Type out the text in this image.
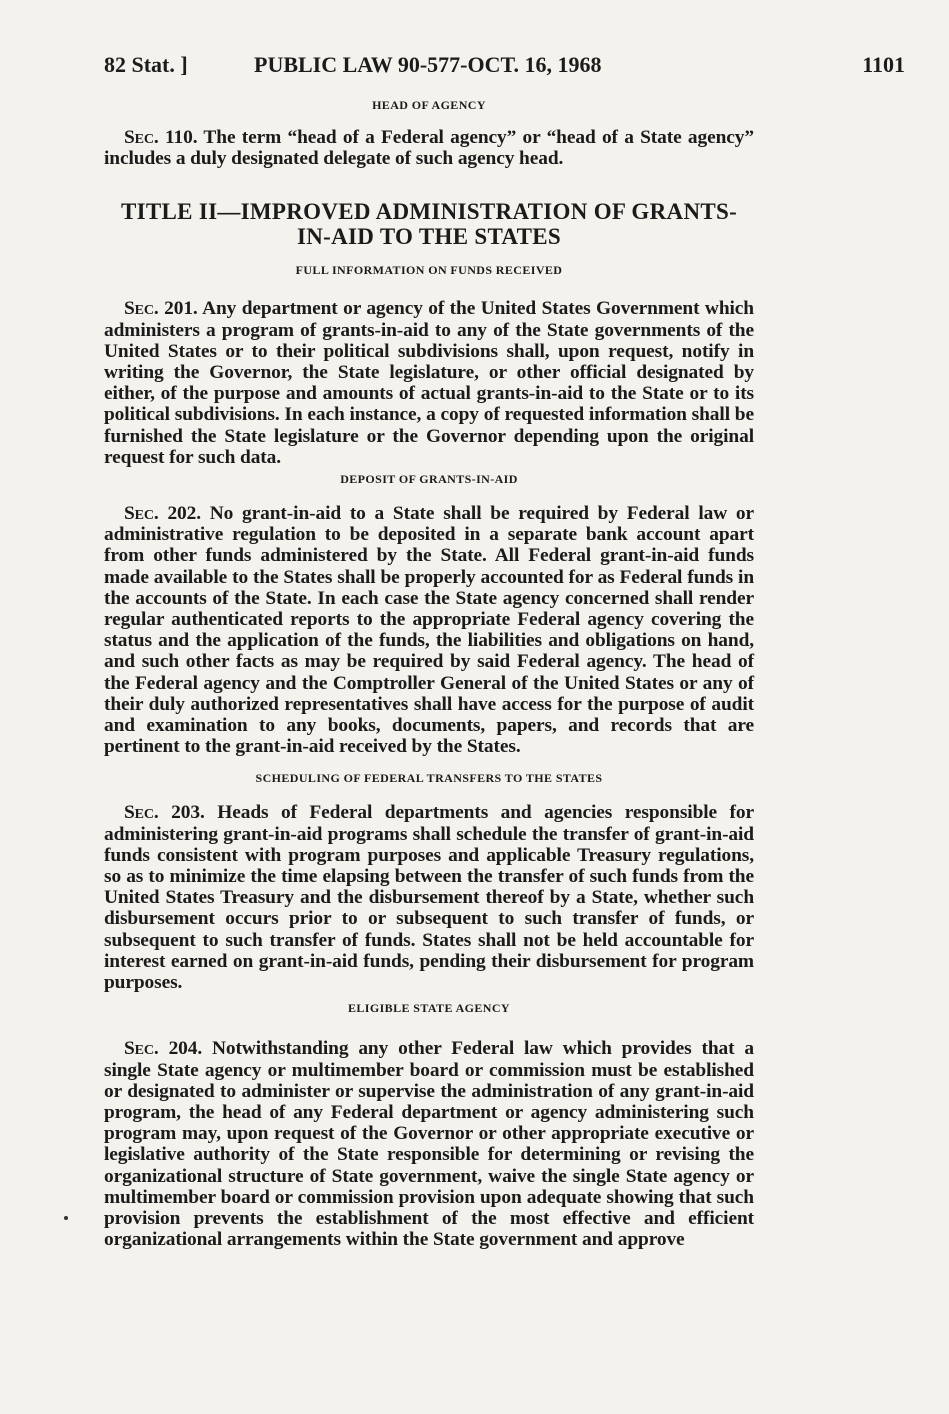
82 Stat. ]	PUBLIC LAW 90-577-OCT. 16, 1968	1101

HEAD OF AGENCY

Sec. 110. The term “head of a Federal agency” or “head of a State agency” includes a duly designated delegate of such agency head.

TITLE II—IMPROVED ADMINISTRATION OF GRANTS-

IN-AID TO THE STATES

FULL INFORMATION ON FUNDS RECEIVED

Sec. 201. Any department or agency of the United States Government which administers a program of grants-in-aid to any of the State governments of the United States or to their political subdivisions shall, upon request, notify in writing the Governor, the State legislature, or other official designated by either, of the purpose and amounts of actual grants-in-aid to the State or to its political subdivisions. In each instance, a copy of requested information shall be furnished the State legislature or the Governor depending upon the original request for such data.

DEPOSIT OF GRANTS-IN-AID

Sec. 202. No grant-in-aid to a State shall be required by Federal law or administrative regulation to be deposited in a separate bank account apart from other funds administered by the State. All Federal grant-in-aid funds made available to the States shall be properly accounted for as Federal funds in the accounts of the State. In each case the State agency concerned shall render regular authenticated reports to the appropriate Federal agency covering the status and the application of the funds, the liabilities and obligations on hand, and such other facts as may be required by said Federal agency. The head of the Federal agency and the Comptroller General of the United States or any of their duly authorized representatives shall have access for the purpose of audit and examination to any books, documents, papers, and records that are pertinent to the grant-in-aid received by the States.

SCHEDULING OF FEDERAL TRANSFERS TO THE STATES

Sec. 203. Heads of Federal departments and agencies responsible for administering grant-in-aid programs shall schedule the transfer of grant-in-aid funds consistent with program purposes and applicable Treasury regulations, so as to minimize the time elapsing between the transfer of such funds from the United States Treasury and the disbursement thereof by a State, whether such disbursement occurs prior to or subsequent to such transfer of funds, or subsequent to such transfer of funds. States shall not be held accountable for interest earned on grant-in-aid funds, pending their disbursement for program purposes.

ELIGIBLE STATE AGENCY

Sec. 204. Notwithstanding any other Federal law which provides that a single State agency or multimember board or commission must be established or designated to administer or supervise the administration of any grant-in-aid program, the head of any Federal department or agency administering such program may, upon request of the Governor or other appropriate executive or legislative authority of the State responsible for determining or revising the organizational structure of State government, waive the single State agency or multimember board or commission provision upon adequate showing that such provision prevents the establishment of the most effective and efficient organizational arrangements within the State government and approve
